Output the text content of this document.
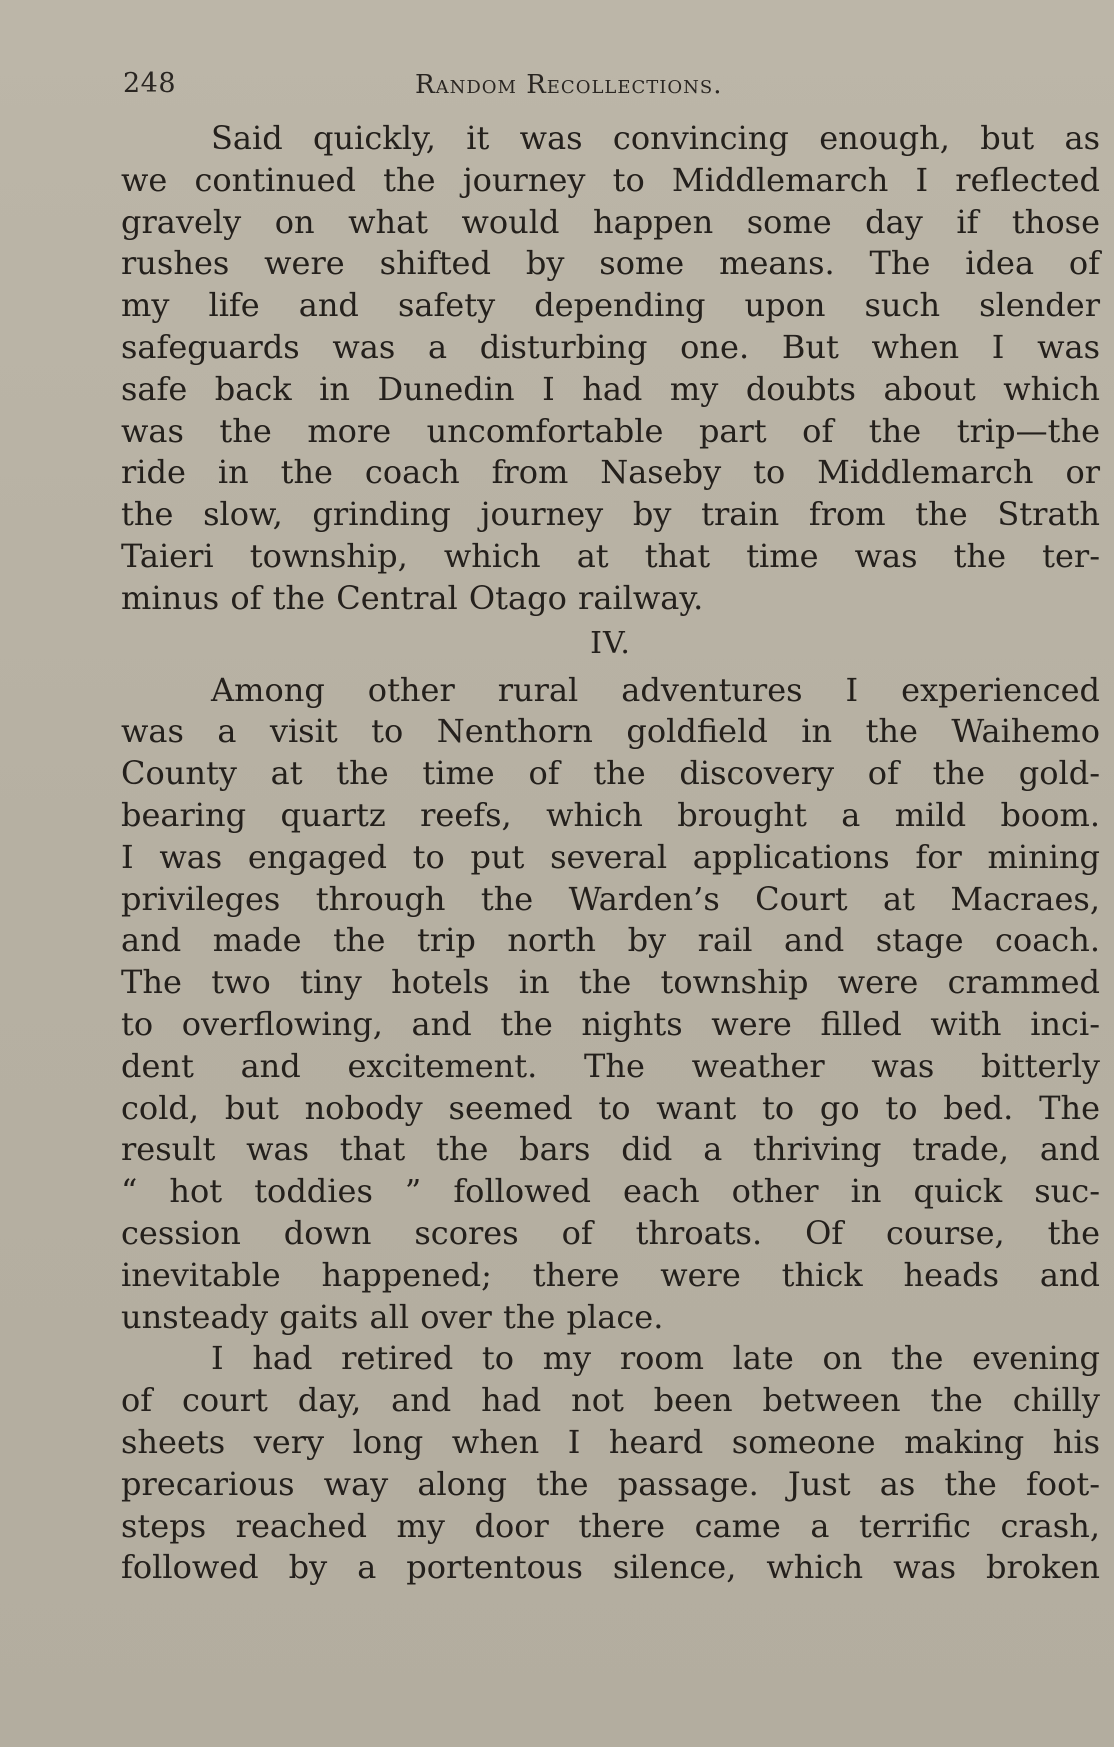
248	Random Recollections.
Said quickly, it was convincing enough, but as
we continued the journey to Middlemarch I reflected
gravely on what would happen some day if those
rushes were shifted by some means. The idea of
my life and safety depending upon such slender
safeguards was a disturbing one. But when I was
safe back in Dunedin I had my doubts about which
was the more uncomfortable part of the trip—the
ride in the coach from Naseby to Middlemarch or
the slow, grinding journey by train from the Strath
Taieri township, which at that time was the ter-
minus of the Central Otago railway.
IV.
Among other rural adventures I experienced
was a visit to Nenthorn goldfield in the Waihemo
County at the time of the discovery of the gold-
bearing quartz reefs, which brought a mild boom.
I was engaged to put several applications for mining
privileges through the Warden’s Court at Macraes,
and made the trip north by rail and stage coach.
The two tiny hotels in the township were crammed
to overflowing, and the nights were filled with inci-
dent and excitement. The weather was bitterly
cold, but nobody seemed to want to go to bed. The
result was that the bars did a thriving trade, and
“ hot toddies ” followed each other in quick suc-
cession down scores of throats. Of course, the
inevitable happened; there were thick heads and
unsteady gaits all over the place.
I had retired to my room late on the evening
of court day, and had not been between the chilly
sheets very long when I heard someone making his
precarious way along the passage. Just as the foot-
steps reached my door there came a terrific crash,
followed by a portentous silence, which was broken
